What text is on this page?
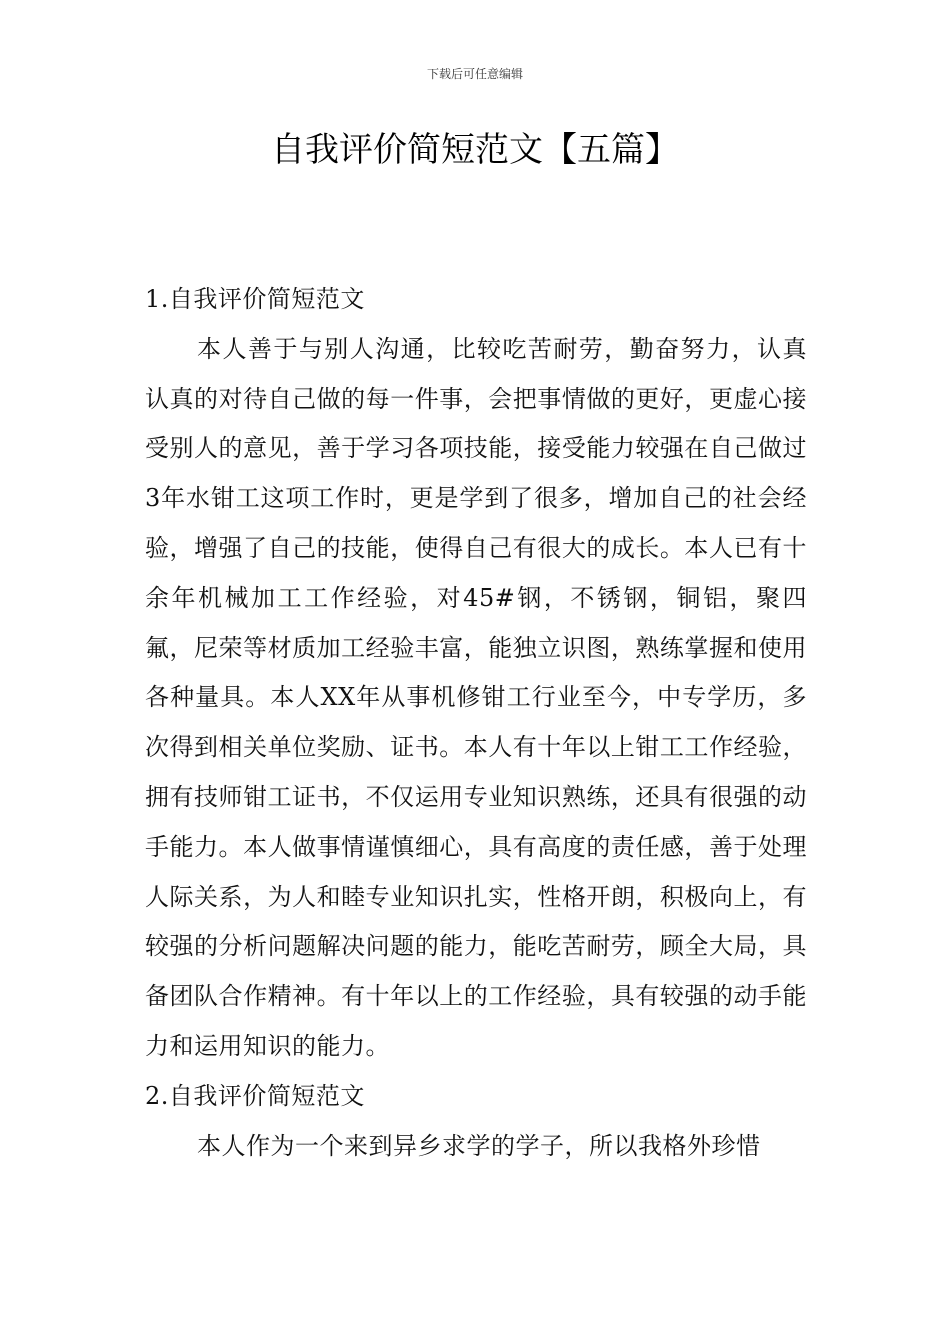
下载后可任意编辑
自我评价简短范文【五篇】

1.自我评价简短范文

本人善于与别人沟通，比较吃苦耐劳，勤奋努力，认真认真的对待自己做的每一件事，会把事情做的更好，更虚心接受别人的意见，善于学习各项技能，接受能力较强在自己做过3年水钳工这项工作时，更是学到了很多，增加自己的社会经验，增强了自己的技能，使得自己有很大的成长。本人已有十余年机械加工工作经验，对45#钢，不锈钢，铜铝，聚四氟，尼荣等材质加工经验丰富，能独立识图，熟练掌握和使用各种量具。本人XX年从事机修钳工行业至今，中专学历，多次得到相关单位奖励、证书。本人有十年以上钳工工作经验，拥有技师钳工证书，不仅运用专业知识熟练，还具有很强的动手能力。本人做事情谨慎细心，具有高度的责任感，善于处理人际关系，为人和睦专业知识扎实，性格开朗，积极向上，有较强的分析问题解决问题的能力，能吃苦耐劳，顾全大局，具备团队合作精神。有十年以上的工作经验，具有较强的动手能力和运用知识的能力。

2.自我评价简短范文

本人作为一个来到异乡求学的学子，所以我格外珍惜
